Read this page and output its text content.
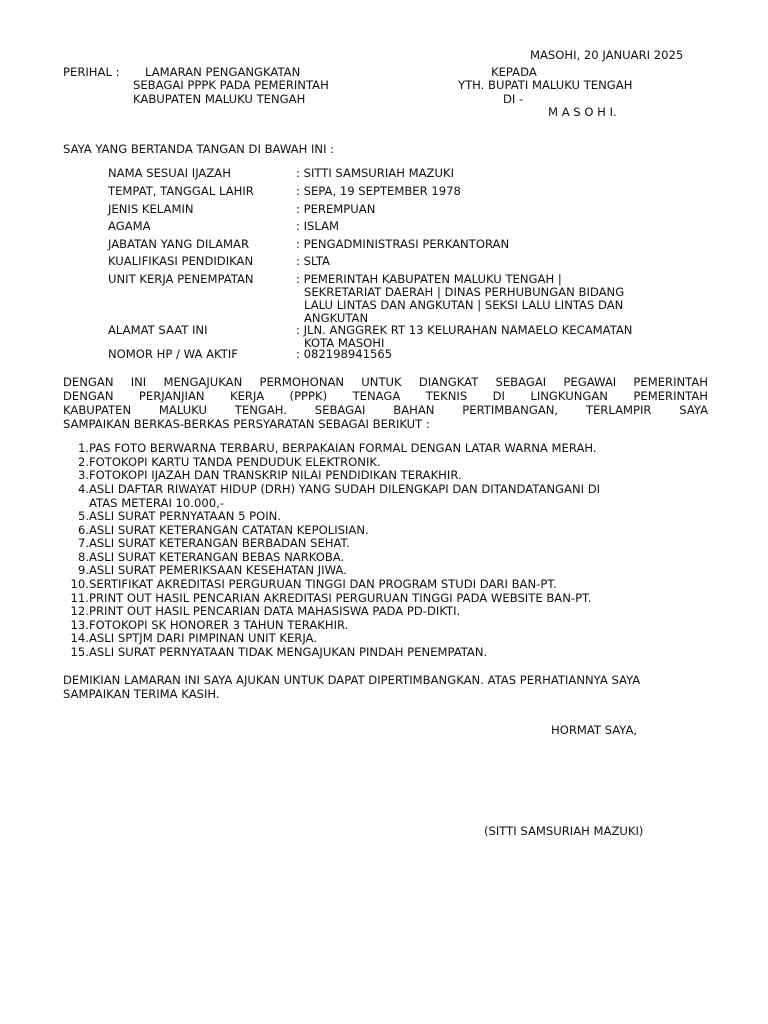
MASOHI, 20 JANUARI 2025
PERIHAL : LAMARAN PENGANGKATAN
SEBAGAI PPPK PADA PEMERINTAH
KABUPATEN MALUKU TENGAH
KEPADA
YTH. BUPATI MALUKU TENGAH
DI -
M A S O H I.
SAYA YANG BERTANDA TANGAN DI BAWAH INI :
NAMA SESUAI IJAZAH	: SITTI SAMSURIAH MAZUKI
TEMPAT, TANGGAL LAHIR	: SEPA, 19 SEPTEMBER 1978
JENIS KELAMIN	: PEREMPUAN
AGAMA	: ISLAM
JABATAN YANG DILAMAR	: PENGADMINISTRASI PERKANTORAN
KUALIFIKASI PENDIDIKAN	: SLTA
UNIT KERJA PENEMPATAN	: PEMERINTAH KABUPATEN MALUKU TENGAH |
SEKRETARIAT DAERAH | DINAS PERHUBUNGAN BIDANG
LALU LINTAS DAN ANGKUTAN | SEKSI LALU LINTAS DAN
ANGKUTAN
ALAMAT SAAT INI	: JLN. ANGGREK RT 13 KELURAHAN NAMAELO KECAMATAN
KOTA MASOHI
NOMOR HP / WA AKTIF	: 082198941565
DENGAN INI MENGAJUKAN PERMOHONAN UNTUK DIANGKAT SEBAGAI PEGAWAI PEMERINTAH
DENGAN PERJANJIAN KERJA (PPPK) TENAGA TEKNIS DI LINGKUNGAN PEMERINTAH
KABUPATEN MALUKU TENGAH. SEBAGAI BAHAN PERTIMBANGAN, TERLAMPIR SAYA
SAMPAIKAN BERKAS-BERKAS PERSYARATAN SEBAGAI BERIKUT :
1. PAS FOTO BERWARNA TERBARU, BERPAKAIAN FORMAL DENGAN LATAR WARNA MERAH.
2. FOTOKOPI KARTU TANDA PENDUDUK ELEKTRONIK.
3. FOTOKOPI IJAZAH DAN TRANSKRIP NILAI PENDIDIKAN TERAKHIR.
4. ASLI DAFTAR RIWAYAT HIDUP (DRH) YANG SUDAH DILENGKAPI DAN DITANDATANGANI DI
ATAS METERAI 10.000,-
5. ASLI SURAT PERNYATAAN 5 POIN.
6. ASLI SURAT KETERANGAN CATATAN KEPOLISIAN.
7. ASLI SURAT KETERANGAN BERBADAN SEHAT.
8. ASLI SURAT KETERANGAN BEBAS NARKOBA.
9. ASLI SURAT PEMERIKSAAN KESEHATAN JIWA.
10. SERTIFIKAT AKREDITASI PERGURUAN TINGGI DAN PROGRAM STUDI DARI BAN-PT.
11. PRINT OUT HASIL PENCARIAN AKREDITASI PERGURUAN TINGGI PADA WEBSITE BAN-PT.
12. PRINT OUT HASIL PENCARIAN DATA MAHASISWA PADA PD-DIKTI.
13. FOTOKOPI SK HONORER 3 TAHUN TERAKHIR.
14. ASLI SPTJM DARI PIMPINAN UNIT KERJA.
15. ASLI SURAT PERNYATAAN TIDAK MENGAJUKAN PINDAH PENEMPATAN.
DEMIKIAN LAMARAN INI SAYA AJUKAN UNTUK DAPAT DIPERTIMBANGKAN. ATAS PERHATIANNYA SAYA
SAMPAIKAN TERIMA KASIH.
HORMAT SAYA,
(SITTI SAMSURIAH MAZUKI)
